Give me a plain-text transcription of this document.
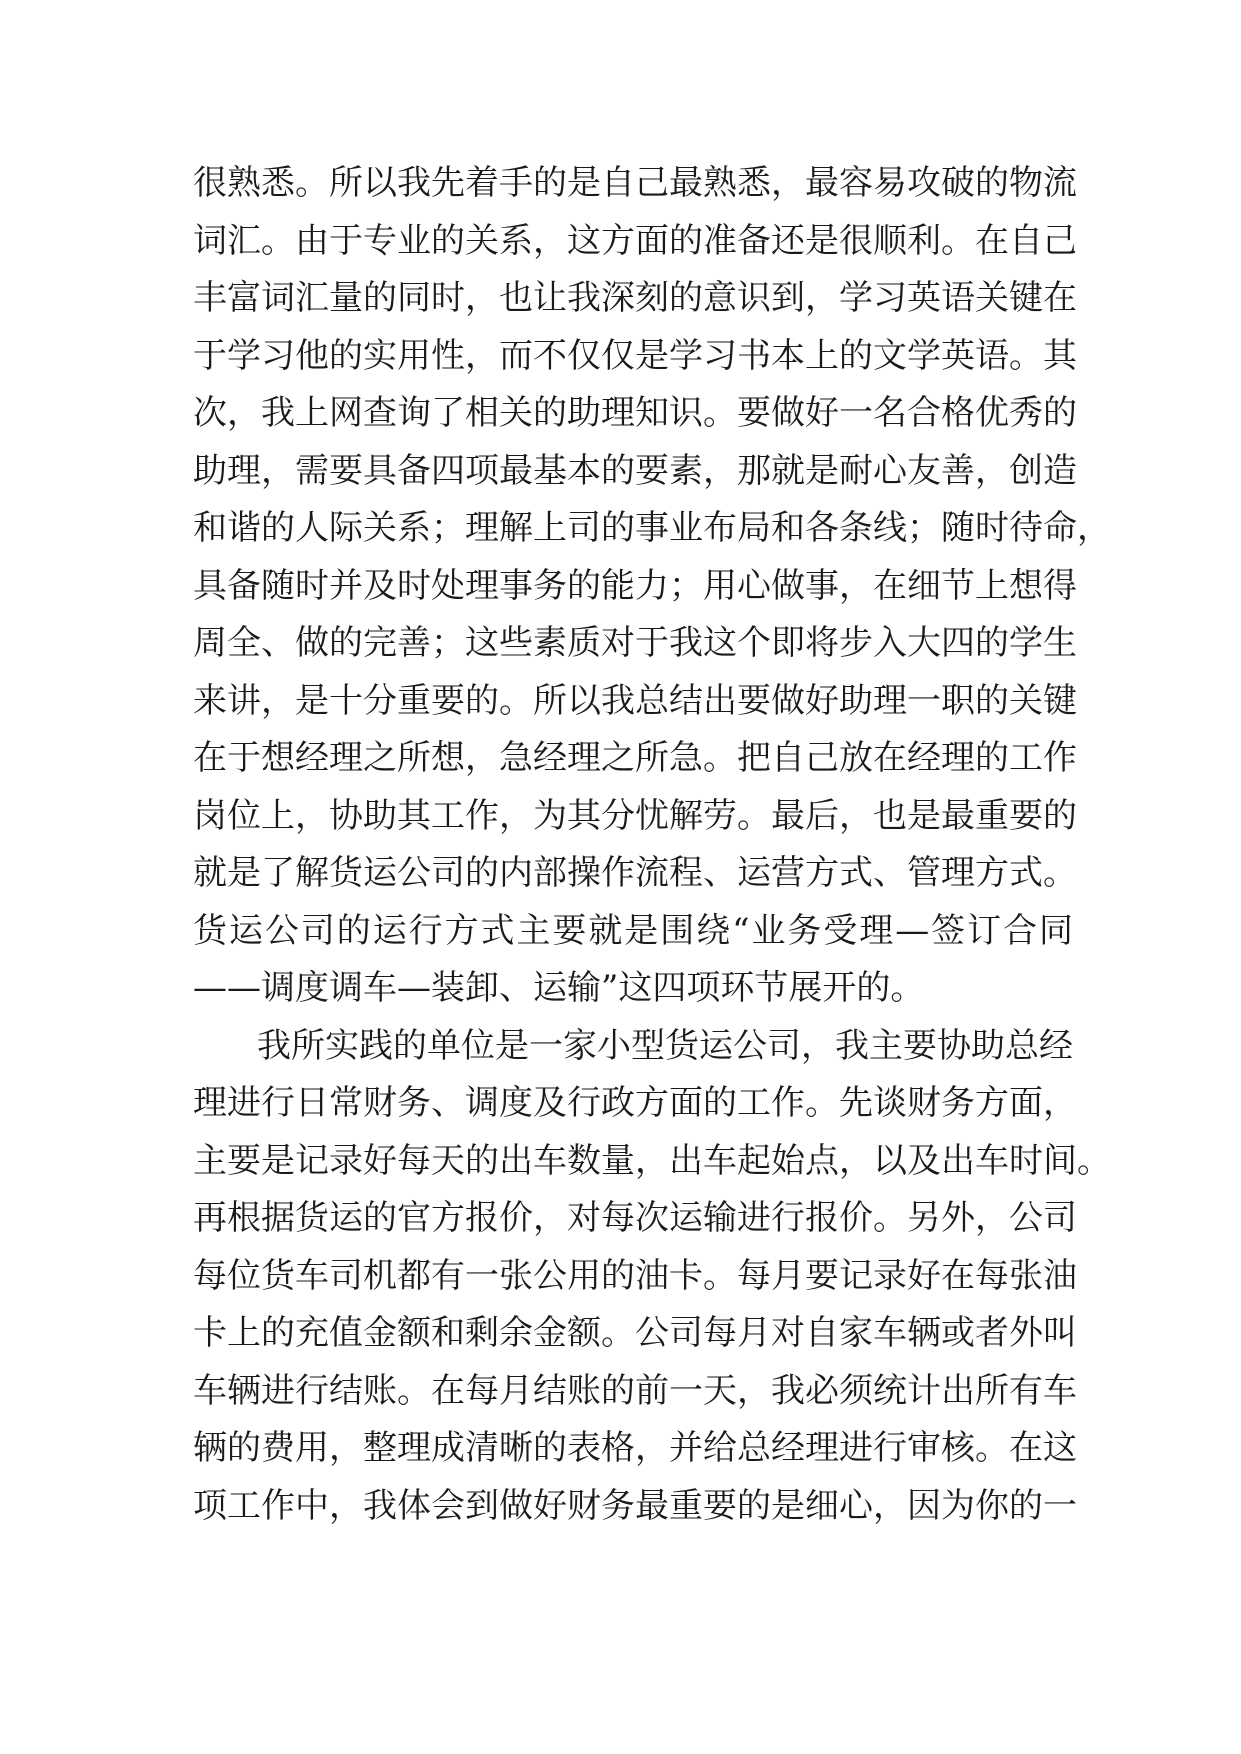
很熟悉。所以我先着手的是自己最熟悉，最容易攻破的物流
词汇。由于专业的关系，这方面的准备还是很顺利。在自己
丰富词汇量的同时，也让我深刻的意识到，学习英语关键在
于学习他的实用性，而不仅仅是学习书本上的文学英语。其
次，我上网查询了相关的助理知识。要做好一名合格优秀的
助理，需要具备四项最基本的要素，那就是耐心友善，创造
和谐的人际关系；理解上司的事业布局和各条线；随时待命，
具备随时并及时处理事务的能力；用心做事，在细节上想得
周全、做的完善；这些素质对于我这个即将步入大四的学生
来讲，是十分重要的。所以我总结出要做好助理一职的关键
在于想经理之所想，急经理之所急。把自己放在经理的工作
岗位上，协助其工作，为其分忧解劳。最后，也是最重要的
就是了解货运公司的内部操作流程、运营方式、管理方式。
货运公司的运行方式主要就是围绕“业务受理—签订合同
——调度调车—装卸、运输”这四项环节展开的。
我所实践的单位是一家小型货运公司，我主要协助总经
理进行日常财务、调度及行政方面的工作。先谈财务方面，
主要是记录好每天的出车数量，出车起始点，以及出车时间。
再根据货运的官方报价，对每次运输进行报价。另外，公司
每位货车司机都有一张公用的油卡。每月要记录好在每张油
卡上的充值金额和剩余金额。公司每月对自家车辆或者外叫
车辆进行结账。在每月结账的前一天，我必须统计出所有车
辆的费用，整理成清晰的表格，并给总经理进行审核。在这
项工作中，我体会到做好财务最重要的是细心，因为你的一
